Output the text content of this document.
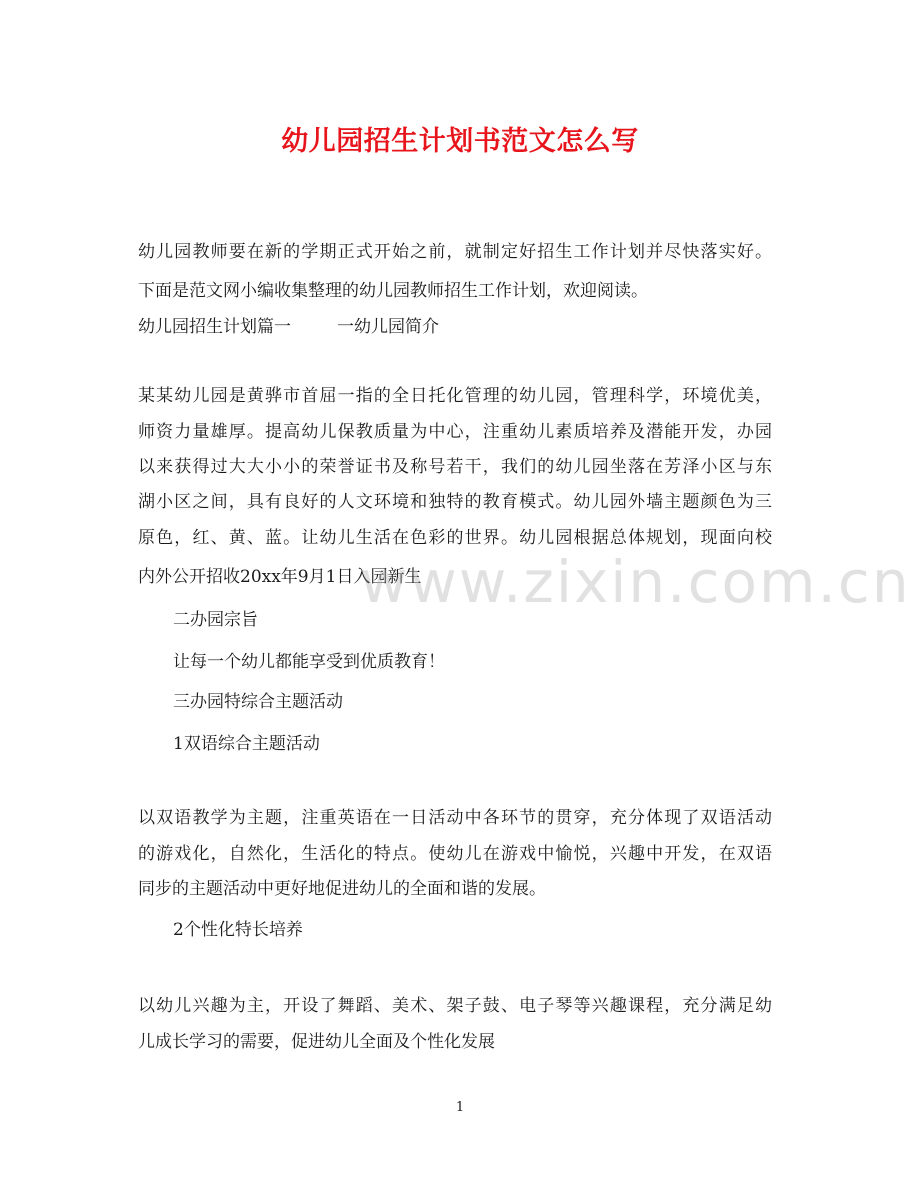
幼儿园招生计划书范文怎么写
幼儿园教师要在新的学期正式开始之前，就制定好招生工作计划并尽快落实好。
下面是范文网小编收集整理的幼儿园教师招生工作计划，欢迎阅读。
幼儿园招生计划篇一	一幼儿园简介
某某幼儿园是黄骅市首屈一指的全日托化管理的幼儿园，管理科学，环境优美，
师资力量雄厚。提高幼儿保教质量为中心，注重幼儿素质培养及潜能开发，办园
以来获得过大大小小的荣誉证书及称号若干，我们的幼儿园坐落在芳泽小区与东
湖小区之间，具有良好的人文环境和独特的教育模式。幼儿园外墙主题颜色为三
原色，红、黄、蓝。让幼儿生活在色彩的世界。幼儿园根据总体规划，现面向校
内外公开招收20xx年9月1日入园新生
二办园宗旨
让每一个幼儿都能享受到优质教育！
三办园特综合主题活动
1双语综合主题活动
以双语教学为主题，注重英语在一日活动中各环节的贯穿，充分体现了双语活动
的游戏化，自然化，生活化的特点。使幼儿在游戏中愉悦，兴趣中开发，在双语
同步的主题活动中更好地促进幼儿的全面和谐的发展。
2个性化特长培养
以幼儿兴趣为主，开设了舞蹈、美术、架子鼓、电子琴等兴趣课程，充分满足幼
儿成长学习的需要，促进幼儿全面及个性化发展
www.zixin.com.cn
1
